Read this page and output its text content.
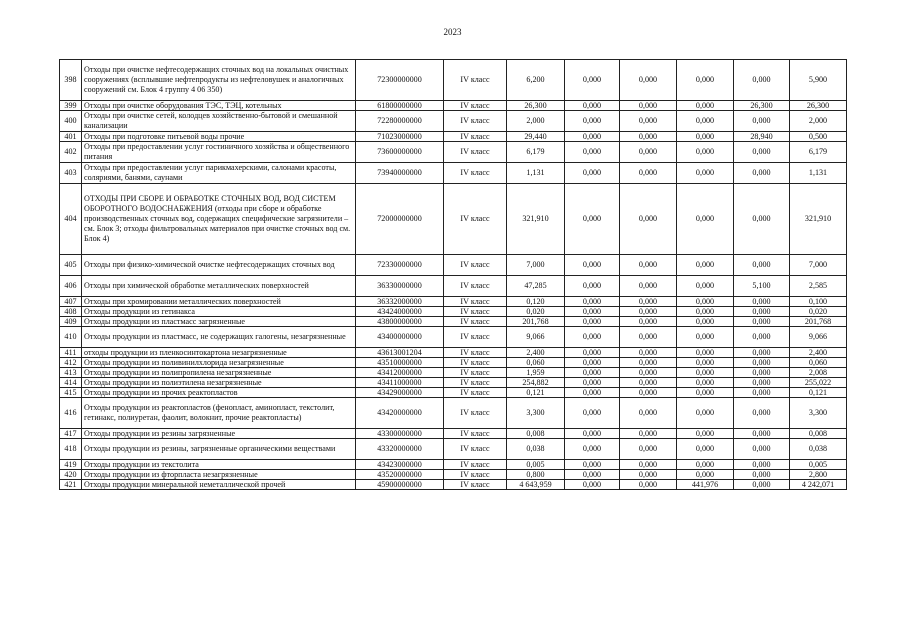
2023
398	Отходы при очистке нефтесодержащих сточных вод на локальных очистных сооружениях (всплывшие нефтепродукты из нефтеловушек и аналогичных сооружений см. Блок 4 группу 4 06 350)	72300000000	IV класс	6,200	0,000	0,000	0,000	0,000	5,900
399	Отходы при очистке оборудования ТЭС, ТЭЦ, котельных	61800000000	IV класс	26,300	0,000	0,000	0,000	26,300	26,300
400	Отходы при очистке сетей, колодцев хозяйственно-бытовой и смешанной канализации	72280000000	IV класс	2,000	0,000	0,000	0,000	0,000	2,000
401	Отходы при подготовке питьевой воды прочие	71023000000	IV класс	29,440	0,000	0,000	0,000	28,940	0,500
402	Отходы при предоставлении услуг гостиничного хозяйства и общественного питания	73600000000	IV класс	6,179	0,000	0,000	0,000	0,000	6,179
403	Отходы при предоставлении услуг парикмахерскими, салонами красоты, соляриями, банями, саунами	73940000000	IV класс	1,131	0,000	0,000	0,000	0,000	1,131
404	ОТХОДЫ ПРИ СБОРЕ И ОБРАБОТКЕ СТОЧНЫХ ВОД, ВОД СИСТЕМ ОБОРОТНОГО ВОДОСНАБЖЕНИЯ (отходы при сборе и обработке производственных сточных вод, содержащих специфические загрязнители – см. Блок 3; отходы фильтровальных материалов при очистке сточных вод см. Блок 4)	72000000000	IV класс	321,910	0,000	0,000	0,000	0,000	321,910
405	Отходы при физико-химической очистке нефтесодержащих сточных вод	72330000000	IV класс	7,000	0,000	0,000	0,000	0,000	7,000
406	Отходы при химической обработке металлических поверхностей	36330000000	IV класс	47,285	0,000	0,000	0,000	5,100	2,585
407	Отходы при хромировании металлических поверхностей	36332000000	IV класс	0,120	0,000	0,000	0,000	0,000	0,100
408	Отходы продукции из гетинакса	43424000000	IV класс	0,020	0,000	0,000	0,000	0,000	0,020
409	Отходы продукции из пластмасс загрязненные	43800000000	IV класс	201,768	0,000	0,000	0,000	0,000	201,768
410	Отходы продукции из пластмасс, не содержащих галогены, незагрязненные	43400000000	IV класс	9,066	0,000	0,000	0,000	0,000	9,066
411	отходы продукции из пленкосинтокартона незагрязненные	43613001204	IV класс	2,400	0,000	0,000	0,000	0,000	2,400
412	Отходы продукции из поливинилхлорида незагрязненные	43510000000	IV класс	0,060	0,000	0,000	0,000	0,000	0,060
413	Отходы продукции из полипропилена незагрязненные	43412000000	IV класс	1,959	0,000	0,000	0,000	0,000	2,008
414	Отходы продукции из полиэтилена незагрязненные	43411000000	IV класс	254,882	0,000	0,000	0,000	0,000	255,022
415	Отходы продукции из прочих реактопластов	43429000000	IV класс	0,121	0,000	0,000	0,000	0,000	0,121
416	Отходы продукции из реактопластов (фенопласт, аминопласт, текстолит, гетинакс, полиуретан, фаолит, волокнит, прочие реактопласты)	43420000000	IV класс	3,300	0,000	0,000	0,000	0,000	3,300
417	Отходы продукции из резины загрязненные	43300000000	IV класс	0,008	0,000	0,000	0,000	0,000	0,008
418	Отходы продукции из резины, загрязненные органическими веществами	43320000000	IV класс	0,038	0,000	0,000	0,000	0,000	0,038
419	Отходы продукции из текстолита	43423000000	IV класс	0,005	0,000	0,000	0,000	0,000	0,005
420	Отходы продукции из фторпласта незагрязненные	43520000000	IV класс	0,800	0,000	0,000	0,000	0,000	2,800
421	Отходы продукции минеральной неметаллической прочей	45900000000	IV класс	4 643,959	0,000	0,000	441,976	0,000	4 242,071
